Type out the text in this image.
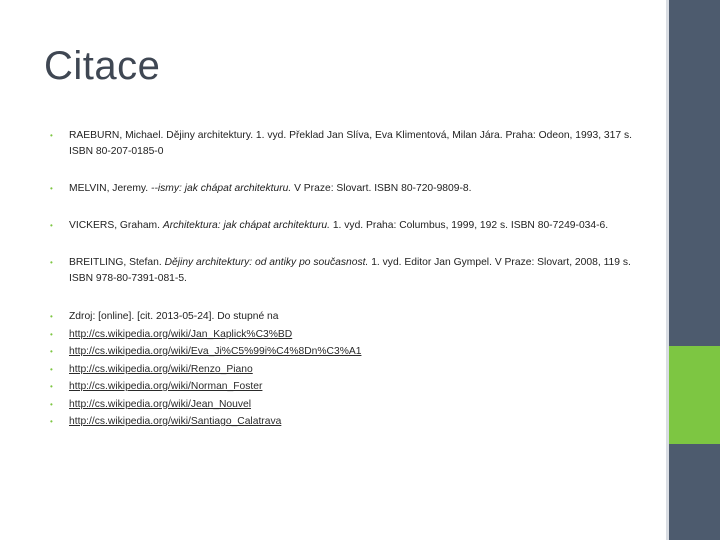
Citace
•	RAEBURN, Michael. Dějiny architektury. 1. vyd. Překlad Jan Slíva, Eva Klimentová, Milan Jára. Praha: Odeon, 1993, 317 s. ISBN 80-207-0185-0
•	MELVIN, Jeremy. --ismy: jak chápat architekturu. V Praze: Slovart. ISBN 80-720-9809-8.
•	VICKERS, Graham. Architektura: jak chápat architekturu. 1. vyd. Praha: Columbus, 1999, 192 s. ISBN 80-7249-034-6.
•	BREITLING, Stefan. Dějiny architektury: od antiky po současnost. 1. vyd. Editor Jan Gympel. V Praze: Slovart, 2008, 119 s. ISBN 978-80-7391-081-5.
•	Zdroj: [online]. [cit. 2013-05-24]. Do stupné na
•	http://cs.wikipedia.org/wiki/Jan_Kaplick%C3%BD
•	http://cs.wikipedia.org/wiki/Eva_Ji%C5%99i%C4%8Dn%C3%A1
•	http://cs.wikipedia.org/wiki/Renzo_Piano
•	http://cs.wikipedia.org/wiki/Norman_Foster
•	http://cs.wikipedia.org/wiki/Jean_Nouvel
•	http://cs.wikipedia.org/wiki/Santiago_Calatrava
